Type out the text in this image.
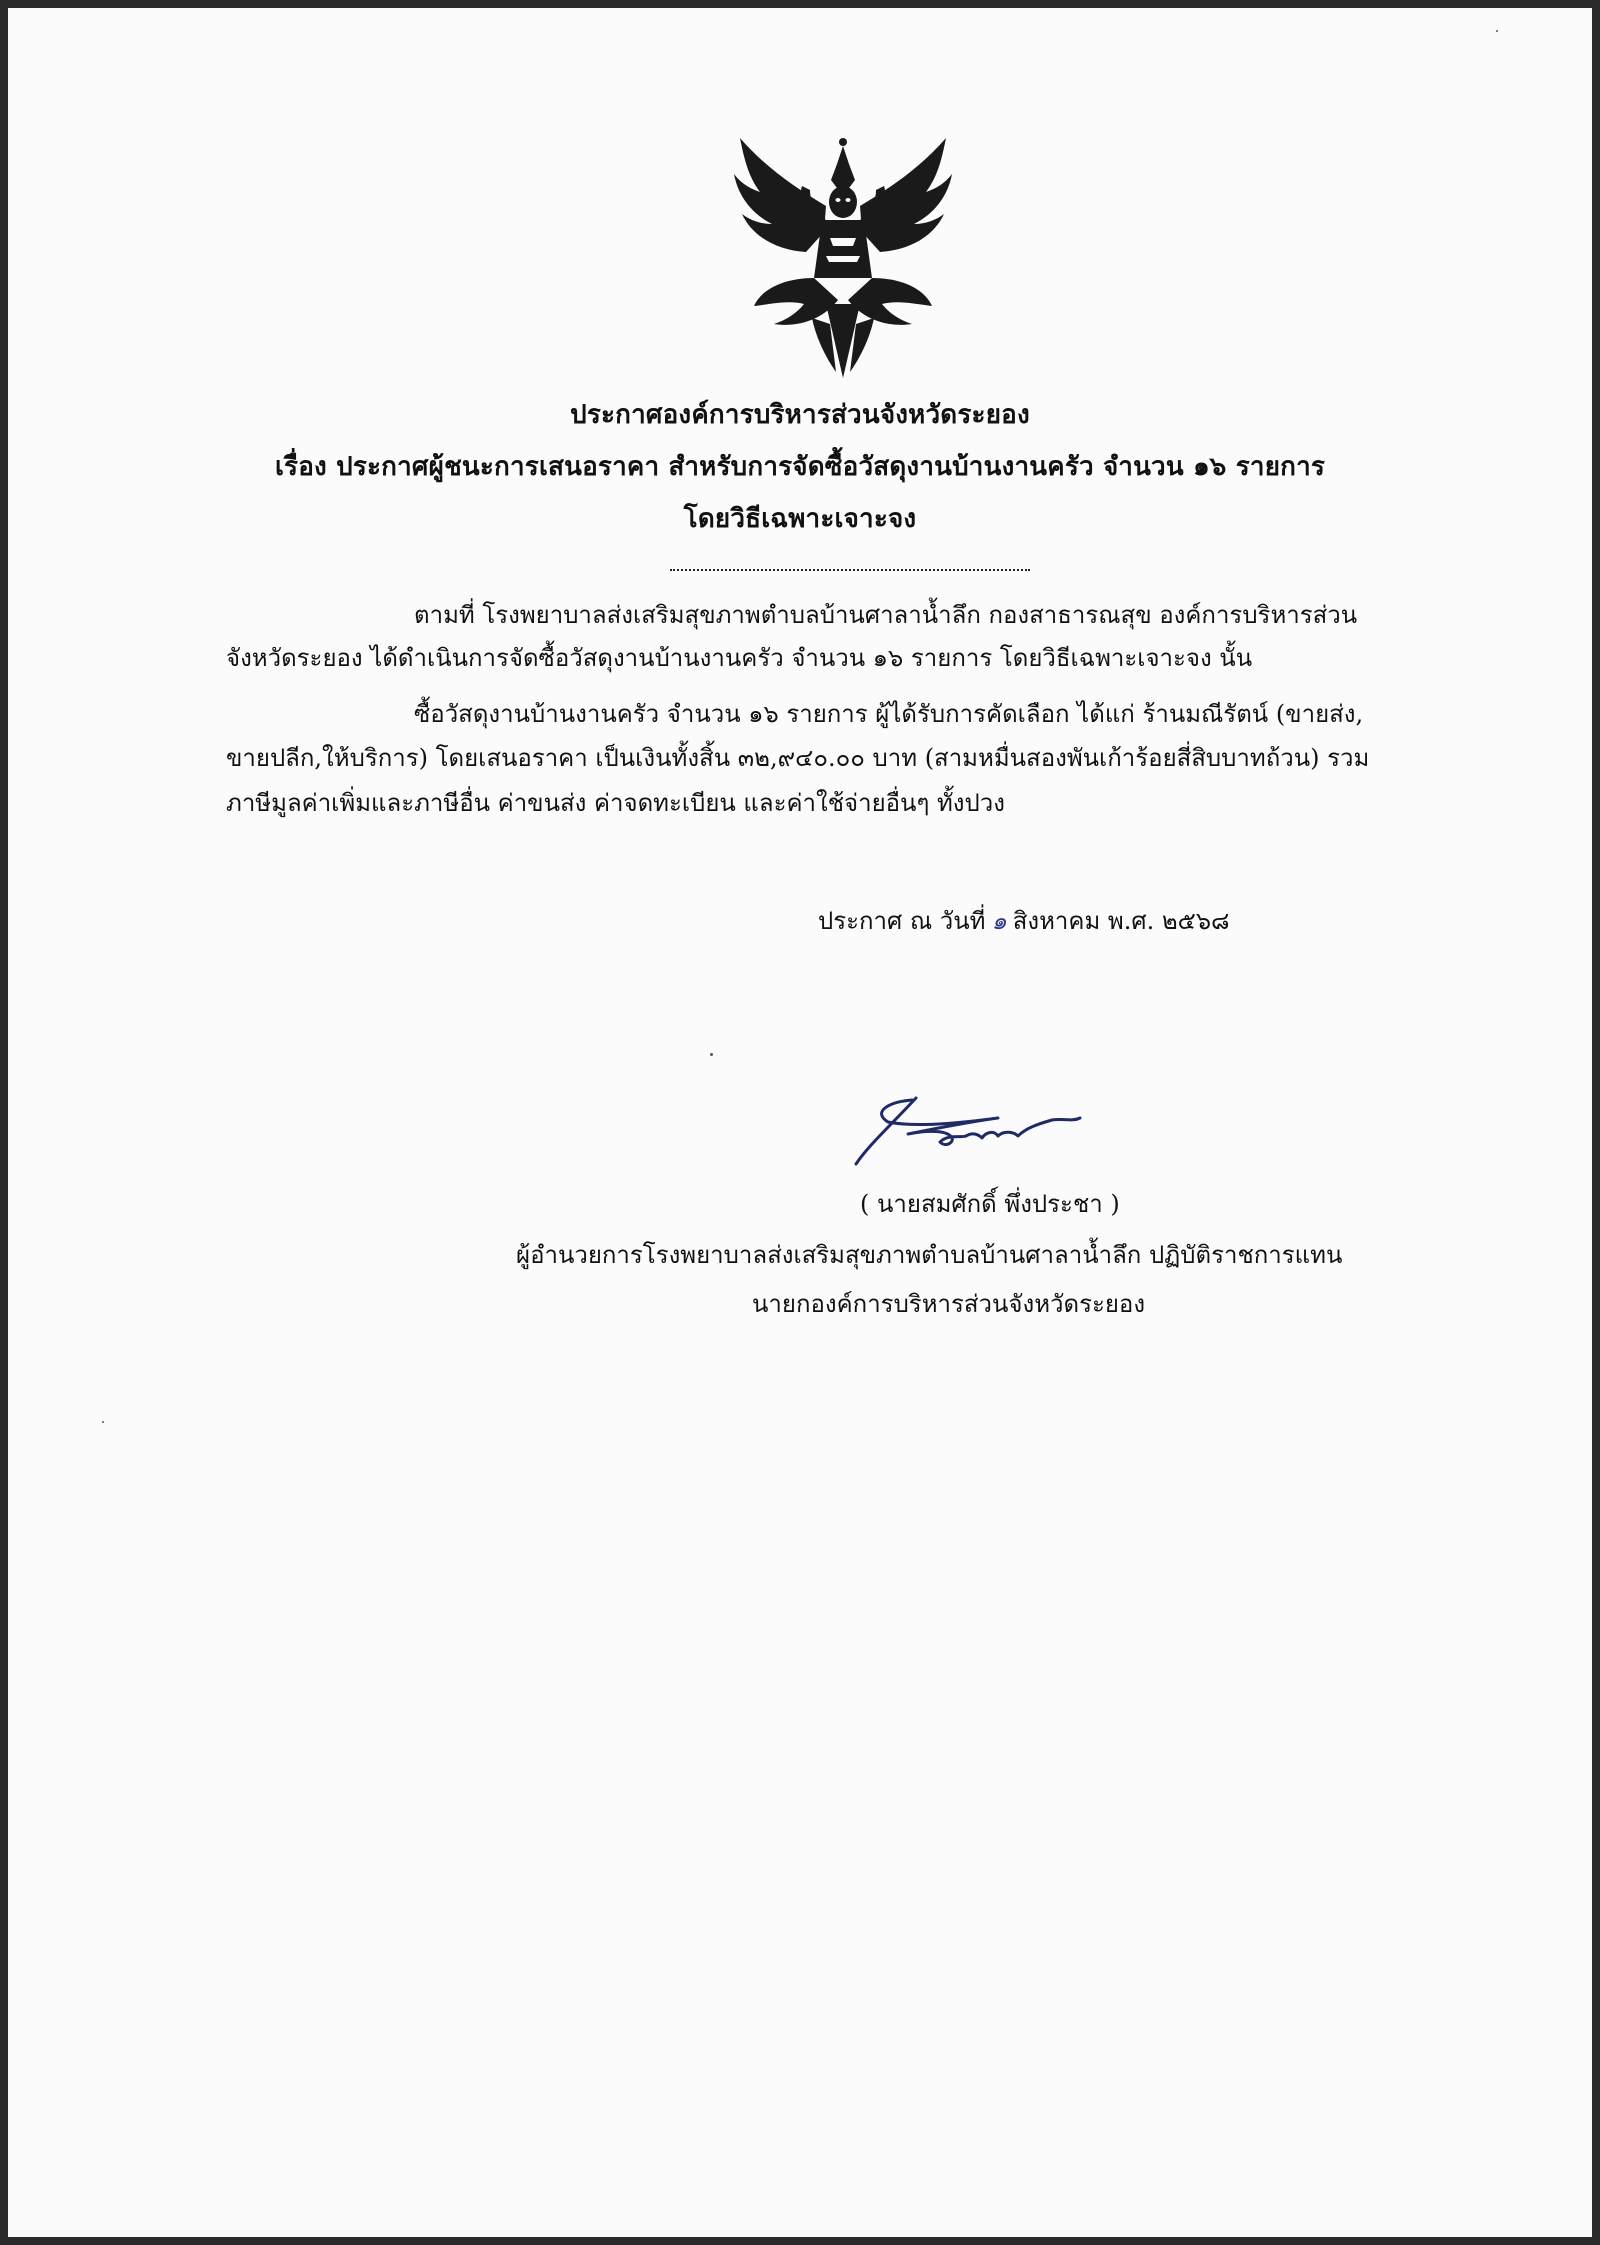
ประกาศองค์การบริหารส่วนจังหวัดระยอง
เรื่อง ประกาศผู้ชนะการเสนอราคา สำหรับการจัดซื้อวัสดุงานบ้านงานครัว จำนวน ๑๖ รายการ
โดยวิธีเฉพาะเจาะจง
........................................................................
ตามที่ โรงพยาบาลส่งเสริมสุขภาพตำบลบ้านศาลาน้ำลึก กองสาธารณสุข องค์การบริหารส่วน
จังหวัดระยอง ได้ดำเนินการจัดซื้อวัสดุงานบ้านงานครัว จำนวน ๑๖ รายการ โดยวิธีเฉพาะเจาะจง นั้น
ซื้อวัสดุงานบ้านงานครัว จำนวน ๑๖ รายการ ผู้ได้รับการคัดเลือก ได้แก่ ร้านมณีรัตน์ (ขายส่ง,
ขายปลีก,ให้บริการ) โดยเสนอราคา เป็นเงินทั้งสิ้น ๓๒,๙๔๐.๐๐ บาท (สามหมื่นสองพันเก้าร้อยสี่สิบบาทถ้วน) รวม
ภาษีมูลค่าเพิ่มและภาษีอื่น ค่าขนส่ง ค่าจดทะเบียน และค่าใช้จ่ายอื่นๆ ทั้งปวง
ประกาศ ณ วันที่ ๑ สิงหาคม พ.ศ. ๒๕๖๘
( นายสมศักดิ์ พึ่งประชา )
ผู้อำนวยการโรงพยาบาลส่งเสริมสุขภาพตำบลบ้านศาลาน้ำลึก ปฏิบัติราชการแทน
นายกองค์การบริหารส่วนจังหวัดระยอง
